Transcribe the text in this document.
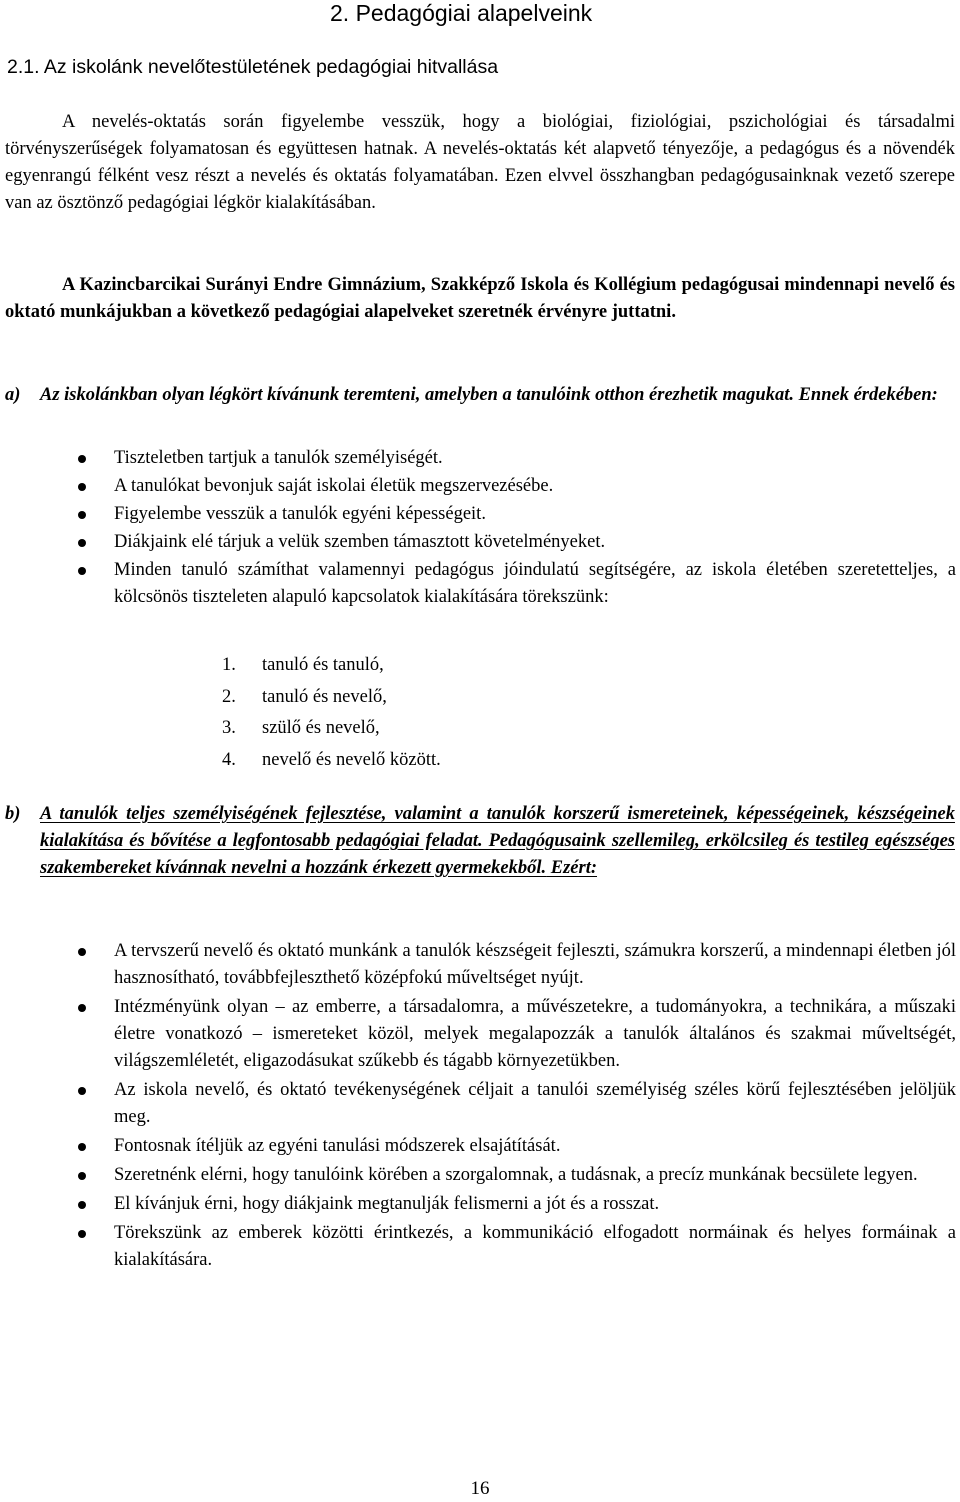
2. Pedagógiai alapelveink
2.1. Az iskolánk nevelőtestületének pedagógiai hitvallása

A nevelés-oktatás során figyelembe vesszük, hogy a biológiai, fiziológiai, pszichológiai és társadalmi törvényszerűségek folyamatosan és együttesen hatnak. A nevelés-oktatás két alapvető tényezője, a pedagógus és a növendék egyenrangú félként vesz részt a nevelés és oktatás folyamatában. Ezen elvvel összhangban pedagógusainknak vezető szerepe van az ösztönző pedagógiai légkör kialakításában.

A Kazincbarcikai Surányi Endre Gimnázium, Szakképző Iskola és Kollégium pedagógusai mindennapi nevelő és oktató munkájukban a következő pedagógiai alapelveket szeretnék érvényre juttatni.

a)	Az iskolánkban olyan légkört kívánunk teremteni, amelyben a tanulóink otthon érezhetik magukat. Ennek érdekében:

Tiszteletben tartjuk a tanulók személyiségét.
A tanulókat bevonjuk saját iskolai életük megszervezésébe.
Figyelembe vesszük a tanulók egyéni képességeit.
Diákjaink elé tárjuk a velük szemben támasztott követelményeket.
Minden tanuló számíthat valamennyi pedagógus jóindulatú segítségére, az iskola életében szeretetteljes, a kölcsönös tiszteleten alapuló kapcsolatok kialakítására törekszünk:
1. tanuló és tanuló,
2. tanuló és nevelő,
3. szülő és nevelő,
4. nevelő és nevelő között.
b)	A tanulók teljes személyiségének fejlesztése, valamint a tanulók korszerű ismereteinek, képességeinek, készségeinek kialakítása és bővítése a legfontosabb pedagógiai feladat. Pedagógusaink szellemileg, erkölcsileg és testileg egészséges szakembereket kívánnak nevelni a hozzánk érkezett gyermekekből. Ezért:

A tervszerű nevelő és oktató munkánk a tanulók készségeit fejleszti, számukra korszerű, a mindennapi életben jól hasznosítható, továbbfejleszthető középfokú műveltséget nyújt.
Intézményünk olyan – az emberre, a társadalomra, a művészetekre, a tudományokra, a technikára, a műszaki életre vonatkozó – ismereteket közöl, melyek megalapozzák a tanulók általános és szakmai műveltségét, világszemléletét, eligazodásukat szűkebb és tágabb környezetükben.
Az iskola nevelő, és oktató tevékenységének céljait a tanulói személyiség széles körű fejlesztésében jelöljük meg.
Fontosnak ítéljük az egyéni tanulási módszerek elsajátítását.
Szeretnénk elérni, hogy tanulóink körében a szorgalomnak, a tudásnak, a precíz munkának becsülete legyen.
El kívánjuk érni, hogy diákjaink megtanulják felismerni a jót és a rosszat.
Törekszünk az emberek közötti érintkezés, a kommunikáció elfogadott normáinak és helyes formáinak a kialakítására.
16
